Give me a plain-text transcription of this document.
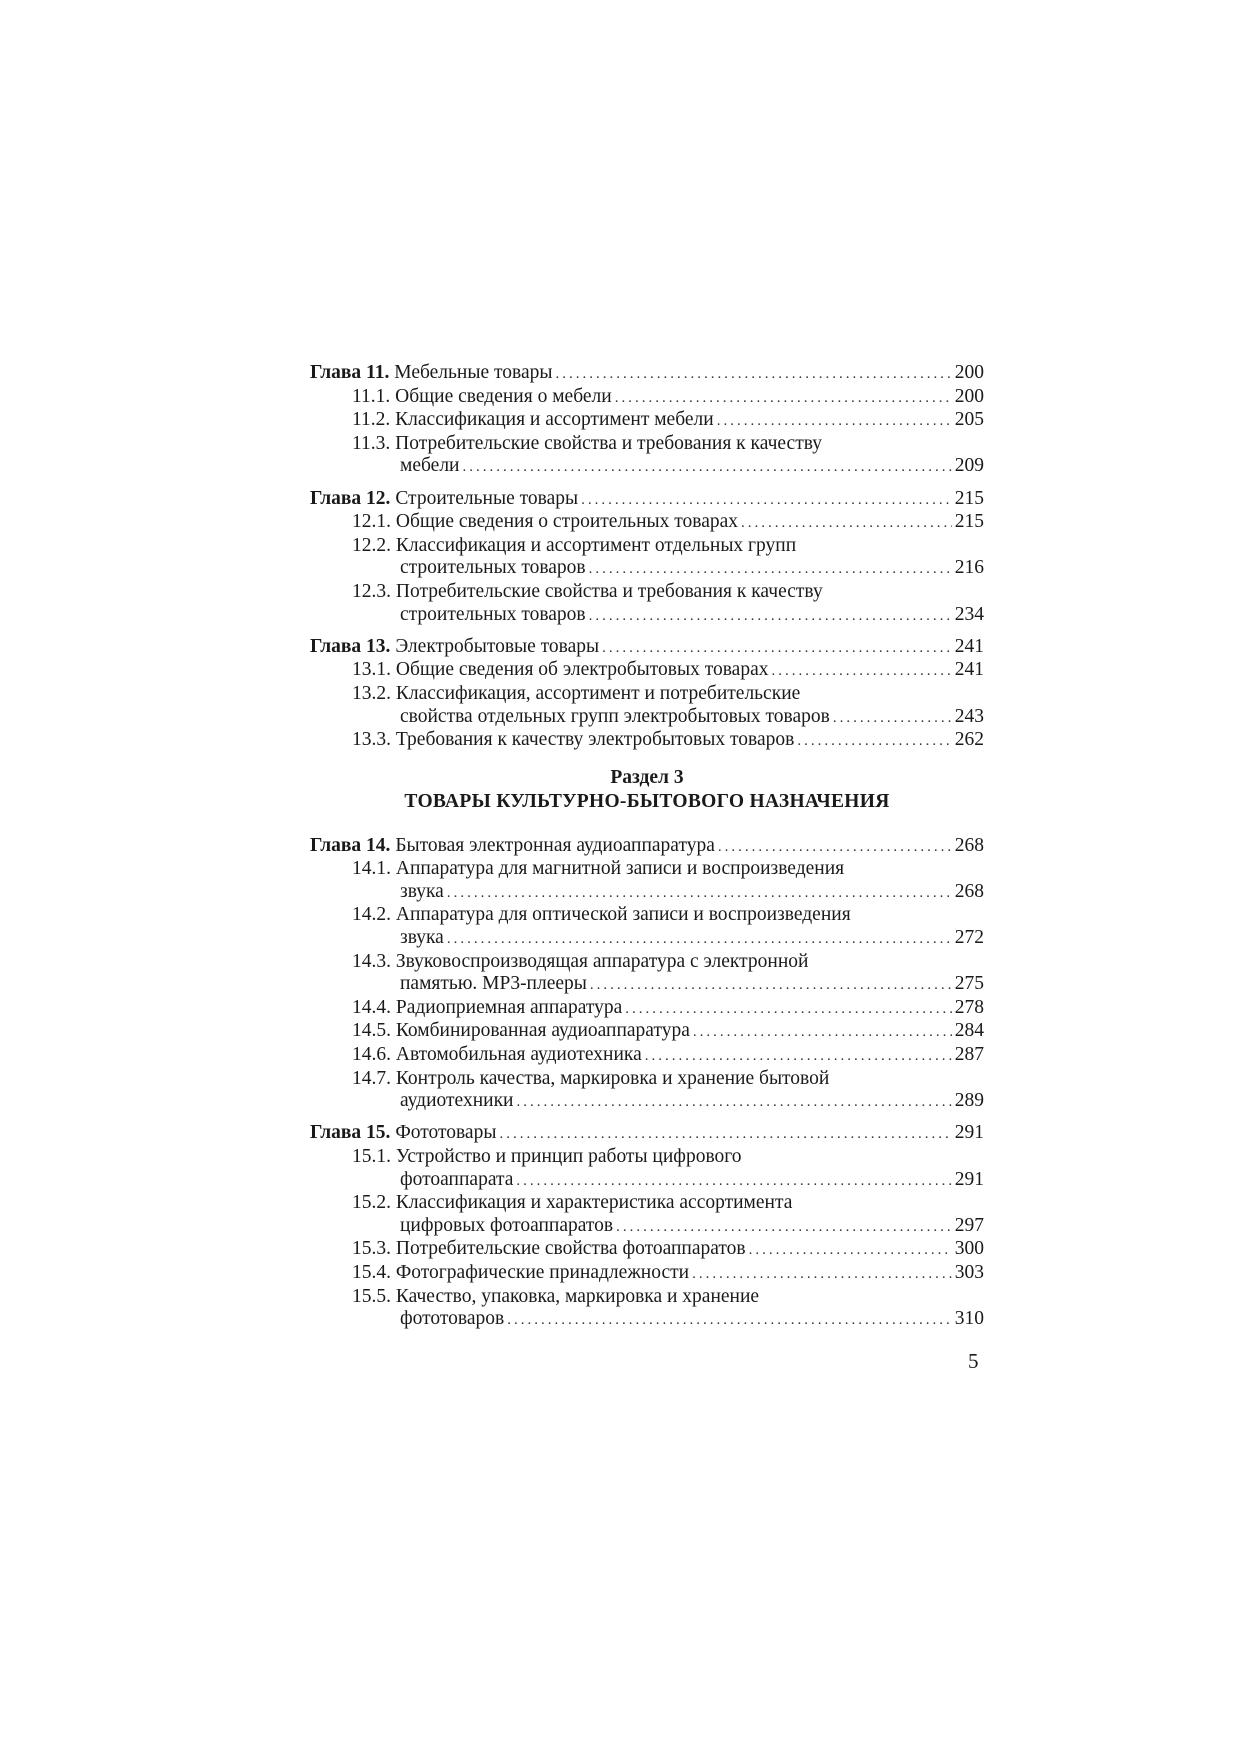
Глава 11. Мебельные товары .....	200
11.1. Общие сведения о мебели .....	200
11.2. Классификация и ассортимент мебели .....	205
11.3. Потребительские свойства и требования к качеству
мебели .....	209
Глава 12. Строительные товары .....	215
12.1. Общие сведения о строительных товарах .....	215
12.2. Классификация и ассортимент отдельных групп
строительных товаров .....	216
12.3. Потребительские свойства и требования к качеству
строительных товаров .....	234
Глава 13. Электробытовые товары .....	241
13.1. Общие сведения об электробытовых товарах .....	241
13.2. Классификация, ассортимент и потребительские
свойства отдельных групп электробытовых товаров .....	243
13.3. Требования к качеству электробытовых товаров .....	262
Раздел 3
ТОВАРЫ КУЛЬТУРНО-БЫТОВОГО НАЗНАЧЕНИЯ
Глава 14. Бытовая электронная аудиоаппаратура .....	268
14.1. Аппаратура для магнитной записи и воспроизведения
звука .....	268
14.2. Аппаратура для оптической записи и воспроизведения
звука .....	272
14.3. Звуковоспроизводящая аппаратура с электронной
памятью. MP3-плееры .....	275
14.4. Радиоприемная аппаратура .....	278
14.5. Комбинированная аудиоаппаратура .....	284
14.6. Автомобильная аудиотехника .....	287
14.7. Контроль качества, маркировка и хранение бытовой
аудиотехники .....	289
Глава 15. Фототовары .....	291
15.1. Устройство и принцип работы цифрового
фотоаппарата .....	291
15.2. Классификация и характеристика ассортимента
цифровых фотоаппаратов .....	297
15.3. Потребительские свойства фотоаппаратов .....	300
15.4. Фотографические принадлежности .....	303
15.5. Качество, упаковка, маркировка и хранение
фототоваров .....	310
5
